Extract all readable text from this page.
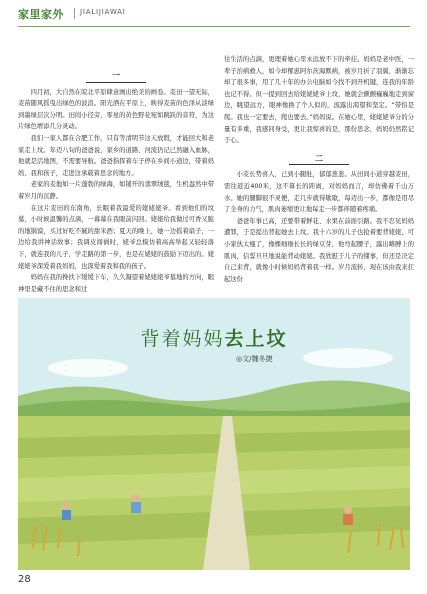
家里家外 JIALIJIAWAI
一

四月初，大自然在皖北平原肆意画出绝美的画卷。麦田一望无际，麦苗随风摇曳出绿色的波浪。阳光洒在平原上，映得麦苗的色泽从淡绿到墨绿层次分明。田间小径旁，零星的黄色野花宛如跳跃的音符，为这片绿色增添几分灵动。

我们一家人都在合肥工作，只有等清明节这天放假，才能回大和老家走上坟。年迈八旬的爸爸说，家乡的道路、河流仍记已然融入血脉，他就是活地图，不需要导航。爸爸指挥着车子停在乡间小道边，带着妈妈、我和孩子，走进这承载着思念的地方。

老家的麦地如一片蓬勃的绿海，如铺开的翡翠绒毯，生机盎然中带着岁月的沉静。

在这片麦田的东南角，长眠着我最爱的姥姥姥爷。看到他们的坟墓，小时候温馨的点滴，一幕幕在我眼前闪回。姥姥给我做过可香又脆的地锅馍，买过好吃不腻的甜米酒；夏天的晚上，她一边摇着扇子，一边给我讲神话故事；我调皮闯祸时，姥爷总模仿着高高举起又轻轻落下，就连我的儿子，学走路的第一步，也是在姥姥的鼓励下迈出的。姥姥姥爷深爱着我妈妈，也深爱着我和我的孩子。

妈妈在我的搀扶下缓缓下车，久久凝望着姥姥姥爷墓地的方向，眼神里是藏不住的思念和过

往生活的点滴，更理着她心里永远放不下的牵挂。妈妈是老中医，一辈子治病救人，如今却罹患阿尔茨海默病，被岁月折了羽翼，渐渐忘却了很多事，用了几十年的办公电脑如今找不到开机键，连我的年龄也记不得。但一提到回去给姥姥姥爷上坟，她就会颤颤巍巍地走到窗边，眺望远方，眼神像换了个人似的，流露出渴望和坚定。“带怕是爬。我也一定要去，爬也要去。”妈妈说。在她心里，姥姥姥爷分的分量有多重，我感同身受，更让我惊喜的是，那份思念，妈妈仍然铭记于心。

二

小麦长势喜人，已到小腿肚，郁郁葱葱。从田间小道穿越麦田，需往返近400米，这不算长的距离，对妈妈而言，却仿佛着千山万水。她的腿脚很不灵便，走几步就得歇歇，每迈出一步，都像是用尽了全身的力气，肌肉萎缩更让地每走一步都伴随着疼痛。

爸爸年事已高，还要带着鲜花、水果在前面引路。我不忍见妈妈遭罪，于是提出背起她去上坟。我十六岁的儿子也抢着要背姥姥，可小家伙太瘦了，像棵细细长长的绿豆芽，他弯起腰子，露出略膊上的肌肉，信誓旦旦地说能背动姥姥。我欣慰于儿子的懂事，但还是决定自己来背，就像小时候妈妈背着我一样。岁月流转，现在该由我来扛起这份

背着妈妈去上坟
◎文/魏冬捷
28
